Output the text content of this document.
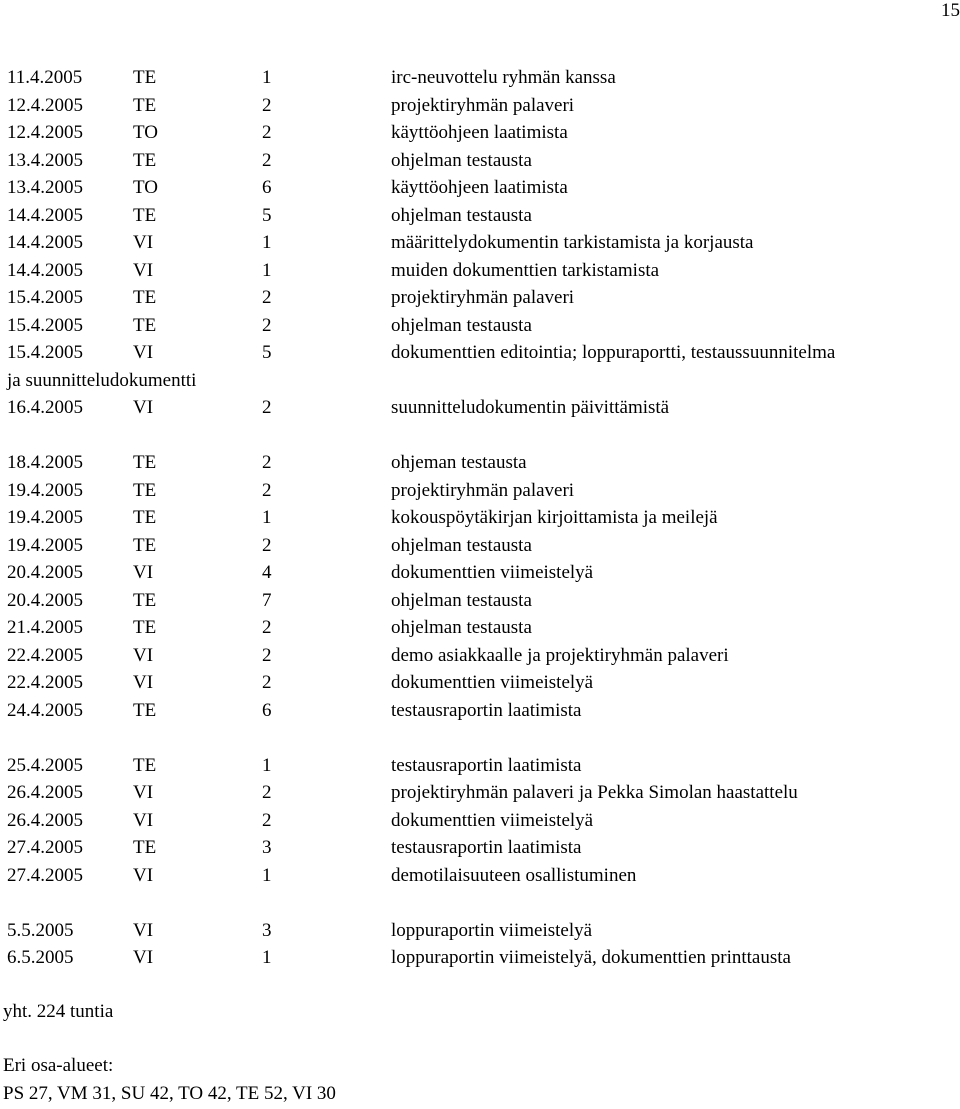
15
11.4.2005	TE	1	irc-neuvottelu ryhmän kanssa
12.4.2005	TE	2	projektiryhmän palaveri
12.4.2005	TO	2	käyttöohjeen laatimista
13.4.2005	TE	2	ohjelman testausta
13.4.2005	TO	6	käyttöohjeen laatimista
14.4.2005	TE	5	ohjelman testausta
14.4.2005	VI	1	määrittelydokumentin tarkistamista ja korjausta
14.4.2005	VI	1	muiden dokumenttien tarkistamista
15.4.2005	TE	2	projektiryhmän palaveri
15.4.2005	TE	2	ohjelman testausta
15.4.2005	VI	5	dokumenttien editointia; loppuraportti, testaussuunnitelma
ja suunnitteludokumentti
16.4.2005	VI	2	suunnitteludokumentin päivittämistä
18.4.2005	TE	2	ohjeman testausta
19.4.2005	TE	2	projektiryhmän palaveri
19.4.2005	TE	1	kokouspöytäkirjan kirjoittamista ja meilejä
19.4.2005	TE	2	ohjelman testausta
20.4.2005	VI	4	dokumenttien viimeistelyä
20.4.2005	TE	7	ohjelman testausta
21.4.2005	TE	2	ohjelman testausta
22.4.2005	VI	2	demo asiakkaalle ja projektiryhmän palaveri
22.4.2005	VI	2	dokumenttien viimeistelyä
24.4.2005	TE	6	testausraportin laatimista
25.4.2005	TE	1	testausraportin laatimista
26.4.2005	VI	2	projektiryhmän palaveri ja Pekka Simolan haastattelu
26.4.2005	VI	2	dokumenttien viimeistelyä
27.4.2005	TE	3	testausraportin laatimista
27.4.2005	VI	1	demotilaisuuteen osallistuminen
5.5.2005	VI	3	loppuraportin viimeistelyä
6.5.2005	VI	1	loppuraportin viimeistelyä, dokumenttien printtausta
yht. 224 tuntia
Eri osa-alueet:
PS 27, VM 31, SU 42, TO 42, TE 52, VI 30
